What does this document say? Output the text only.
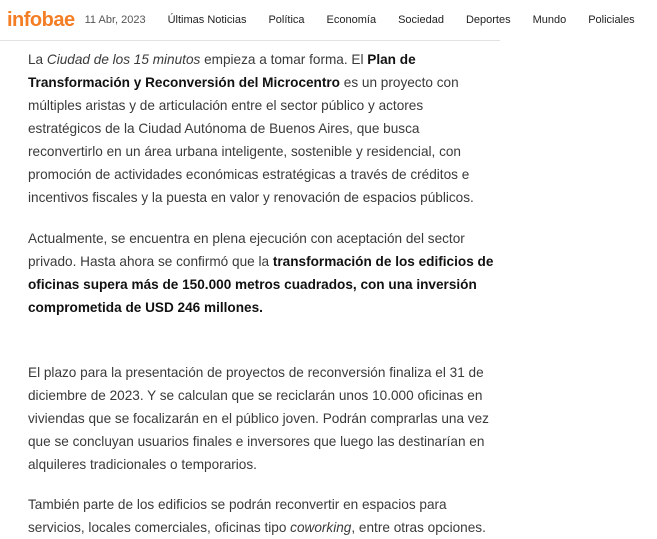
infobae 11 Abr, 2023 Últimas Noticias Política Economía Sociedad Deportes Mundo Policiales

La Ciudad de los 15 minutos empieza a tomar forma. El Plan de Transformación y Reconversión del Microcentro es un proyecto con múltiples aristas y de articulación entre el sector público y actores estratégicos de la Ciudad Autónoma de Buenos Aires, que busca reconvertirlo en un área urbana inteligente, sostenible y residencial, con promoción de actividades económicas estratégicas a través de créditos e incentivos fiscales y la puesta en valor y renovación de espacios públicos.

Actualmente, se encuentra en plena ejecución con aceptación del sector privado. Hasta ahora se confirmó que la transformación de los edificios de oficinas supera más de 150.000 metros cuadrados, con una inversión comprometida de USD 246 millones.

El plazo para la presentación de proyectos de reconversión finaliza el 31 de diciembre de 2023. Y se calculan que se reciclarán unos 10.000 oficinas en viviendas que se focalizarán en el público joven. Podrán comprarlas una vez que se concluyan usuarios finales e inversores que luego las destinarían en alquileres tradicionales o temporarios.

También parte de los edificios se podrán reconvertir en espacios para servicios, locales comerciales, oficinas tipo coworking, entre otras opciones.
